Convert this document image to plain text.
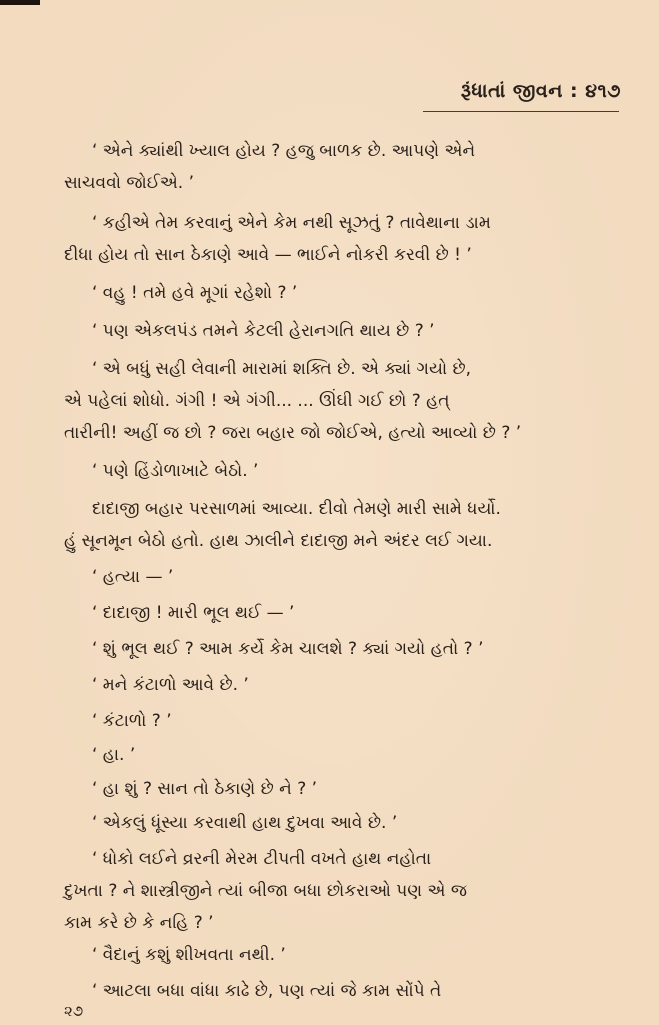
રૂંધાતાં જીવન : ૪૧૭
‘ એને ક્યાંથી ખ્યાલ હોય ? હજુ બાળક છે. આપણે એને
સાચવવો જોઈએ. ’
‘ કહીએ તેમ કરવાનું એને કેમ નથી સૂઝતું ? તાવેથાના ડામ
દીધા હોય તો સાન ઠેકાણે આવે — ભાઈને નોકરી કરવી છે ! ’
‘ વહુ ! તમે હવે મૂગાં રહેશો ? ’
‘ પણ એકલપંડ તમને કેટલી હેરાનગતિ થાય છે ? ’
‘ એ બધું સહી લેવાની મારામાં શક્તિ છે. એ ક્યાં ગયો છે,
એ પહેલાં શોધો. ગંગી ! એ ગંગી... ... ઊંઘી ગઈ છો ? હત્
તારીની! અહીં જ છો ? જરા બહાર જો જોઈએ, હત્યો આવ્યો છે ? ’
‘ પણે હિંડોળાખાટે બેઠો. ’
દાદાજી બહાર પરસાળમાં આવ્યા. દીવો તેમણે મારી સામે ધર્યો.
હું સૂનમૂન બેઠો હતો. હાથ ઝાલીને દાદાજી મને અંદર લઈ ગયા.
‘ હત્યા — ’
‘ દાદાજી ! મારી ભૂલ થઈ — ’
‘ શું ભૂલ થઈ ? આમ કર્યે કેમ ચાલશે ? ક્યાં ગયો હતો ? ’
‘ મને કંટાળો આવે છે. ’
‘ કંટાળો ? ’
‘ હા. ’
‘ હા શું ? સાન તો ઠેકાણે છે ને ? ’
‘ એકલું ધૂંસ્યા કરવાથી હાથ દુખવા આવે છે. ’
‘ ધોકો લઈને વ્રરની મેરમ ટીપતી વખતે હાથ નહોતા
દુખતા ? ને શાસ્ત્રીજીને ત્યાં બીજા બધા છોકરાઓ પણ એ જ
કામ કરે છે કે નહિ ? ’
‘ વૈદાનું કશું શીખવતા નથી. ’
‘ આટલા બધા વાંધા કાઢે છે, પણ ત્યાં જે કામ સોંપે તે
૨૭
